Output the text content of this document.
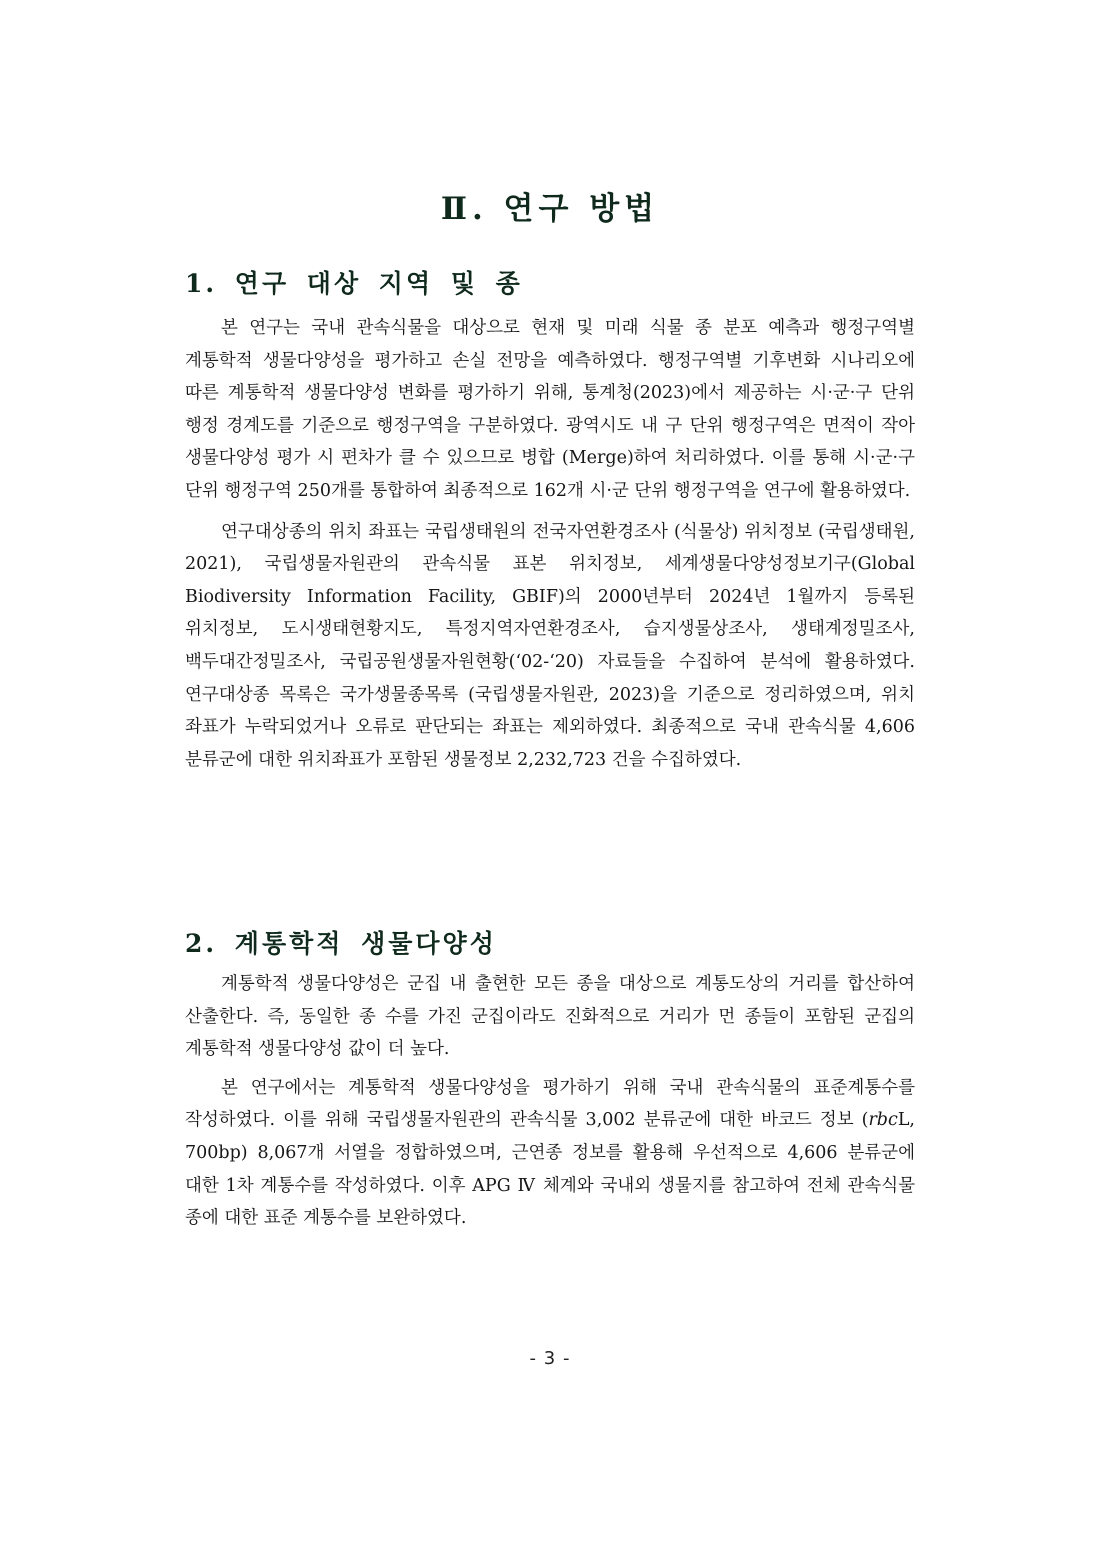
Ⅱ. 연구 방법
1. 연구 대상 지역 및 종

본 연구는 국내 관속식물을 대상으로 현재 및 미래 식물 종 분포 예측과 행정구역별 계통학적 생물다양성을 평가하고 손실 전망을 예측하였다. 행정구역별 기후변화 시나리오에 따른 계통학적 생물다양성 변화를 평가하기 위해, 통계청(2023)에서 제공하는 시·군·구 단위 행정 경계도를 기준으로 행정구역을 구분하였다. 광역시도 내 구 단위 행정구역은 면적이 작아 생물다양성 평가 시 편차가 클 수 있으므로 병합 (Merge)하여 처리하였다. 이를 통해 시·군·구 단위 행정구역 250개를 통합하여 최종적으로 162개 시·군 단위 행정구역을 연구에 활용하였다.

연구대상종의 위치 좌표는 국립생태원의 전국자연환경조사 (식물상) 위치정보 (국립생태원, 2021), 국립생물자원관의 관속식물 표본 위치정보, 세계생물다양성정보기구(Global Biodiversity Information Facility, GBIF)의 2000년부터 2024년 1월까지 등록된 위치정보, 도시생태현황지도, 특정지역자연환경조사, 습지생물상조사, 생태계정밀조사, 백두대간정밀조사, 국립공원생물자원현황(‘02-‘20) 자료들을 수집하여 분석에 활용하였다. 연구대상종 목록은 국가생물종목록 (국립생물자원관, 2023)을 기준으로 정리하였으며, 위치 좌표가 누락되었거나 오류로 판단되는 좌표는 제외하였다. 최종적으로 국내 관속식물 4,606 분류군에 대한 위치좌표가 포함된 생물정보 2,232,723 건을 수집하였다.

2. 계통학적 생물다양성

계통학적 생물다양성은 군집 내 출현한 모든 종을 대상으로 계통도상의 거리를 합산하여 산출한다. 즉, 동일한 종 수를 가진 군집이라도 진화적으로 거리가 먼 종들이 포함된 군집의 계통학적 생물다양성 값이 더 높다.

본 연구에서는 계통학적 생물다양성을 평가하기 위해 국내 관속식물의 표준계통수를 작성하였다. 이를 위해 국립생물자원관의 관속식물 3,002 분류군에 대한 바코드 정보 (rbcL, 700bp) 8,067개 서열을 정합하였으며, 근연종 정보를 활용해 우선적으로 4,606 분류군에 대한 1차 계통수를 작성하였다. 이후 APG Ⅳ 체계와 국내외 생물지를 참고하여 전체 관속식물 종에 대한 표준 계통수를 보완하였다.

- 3 -
